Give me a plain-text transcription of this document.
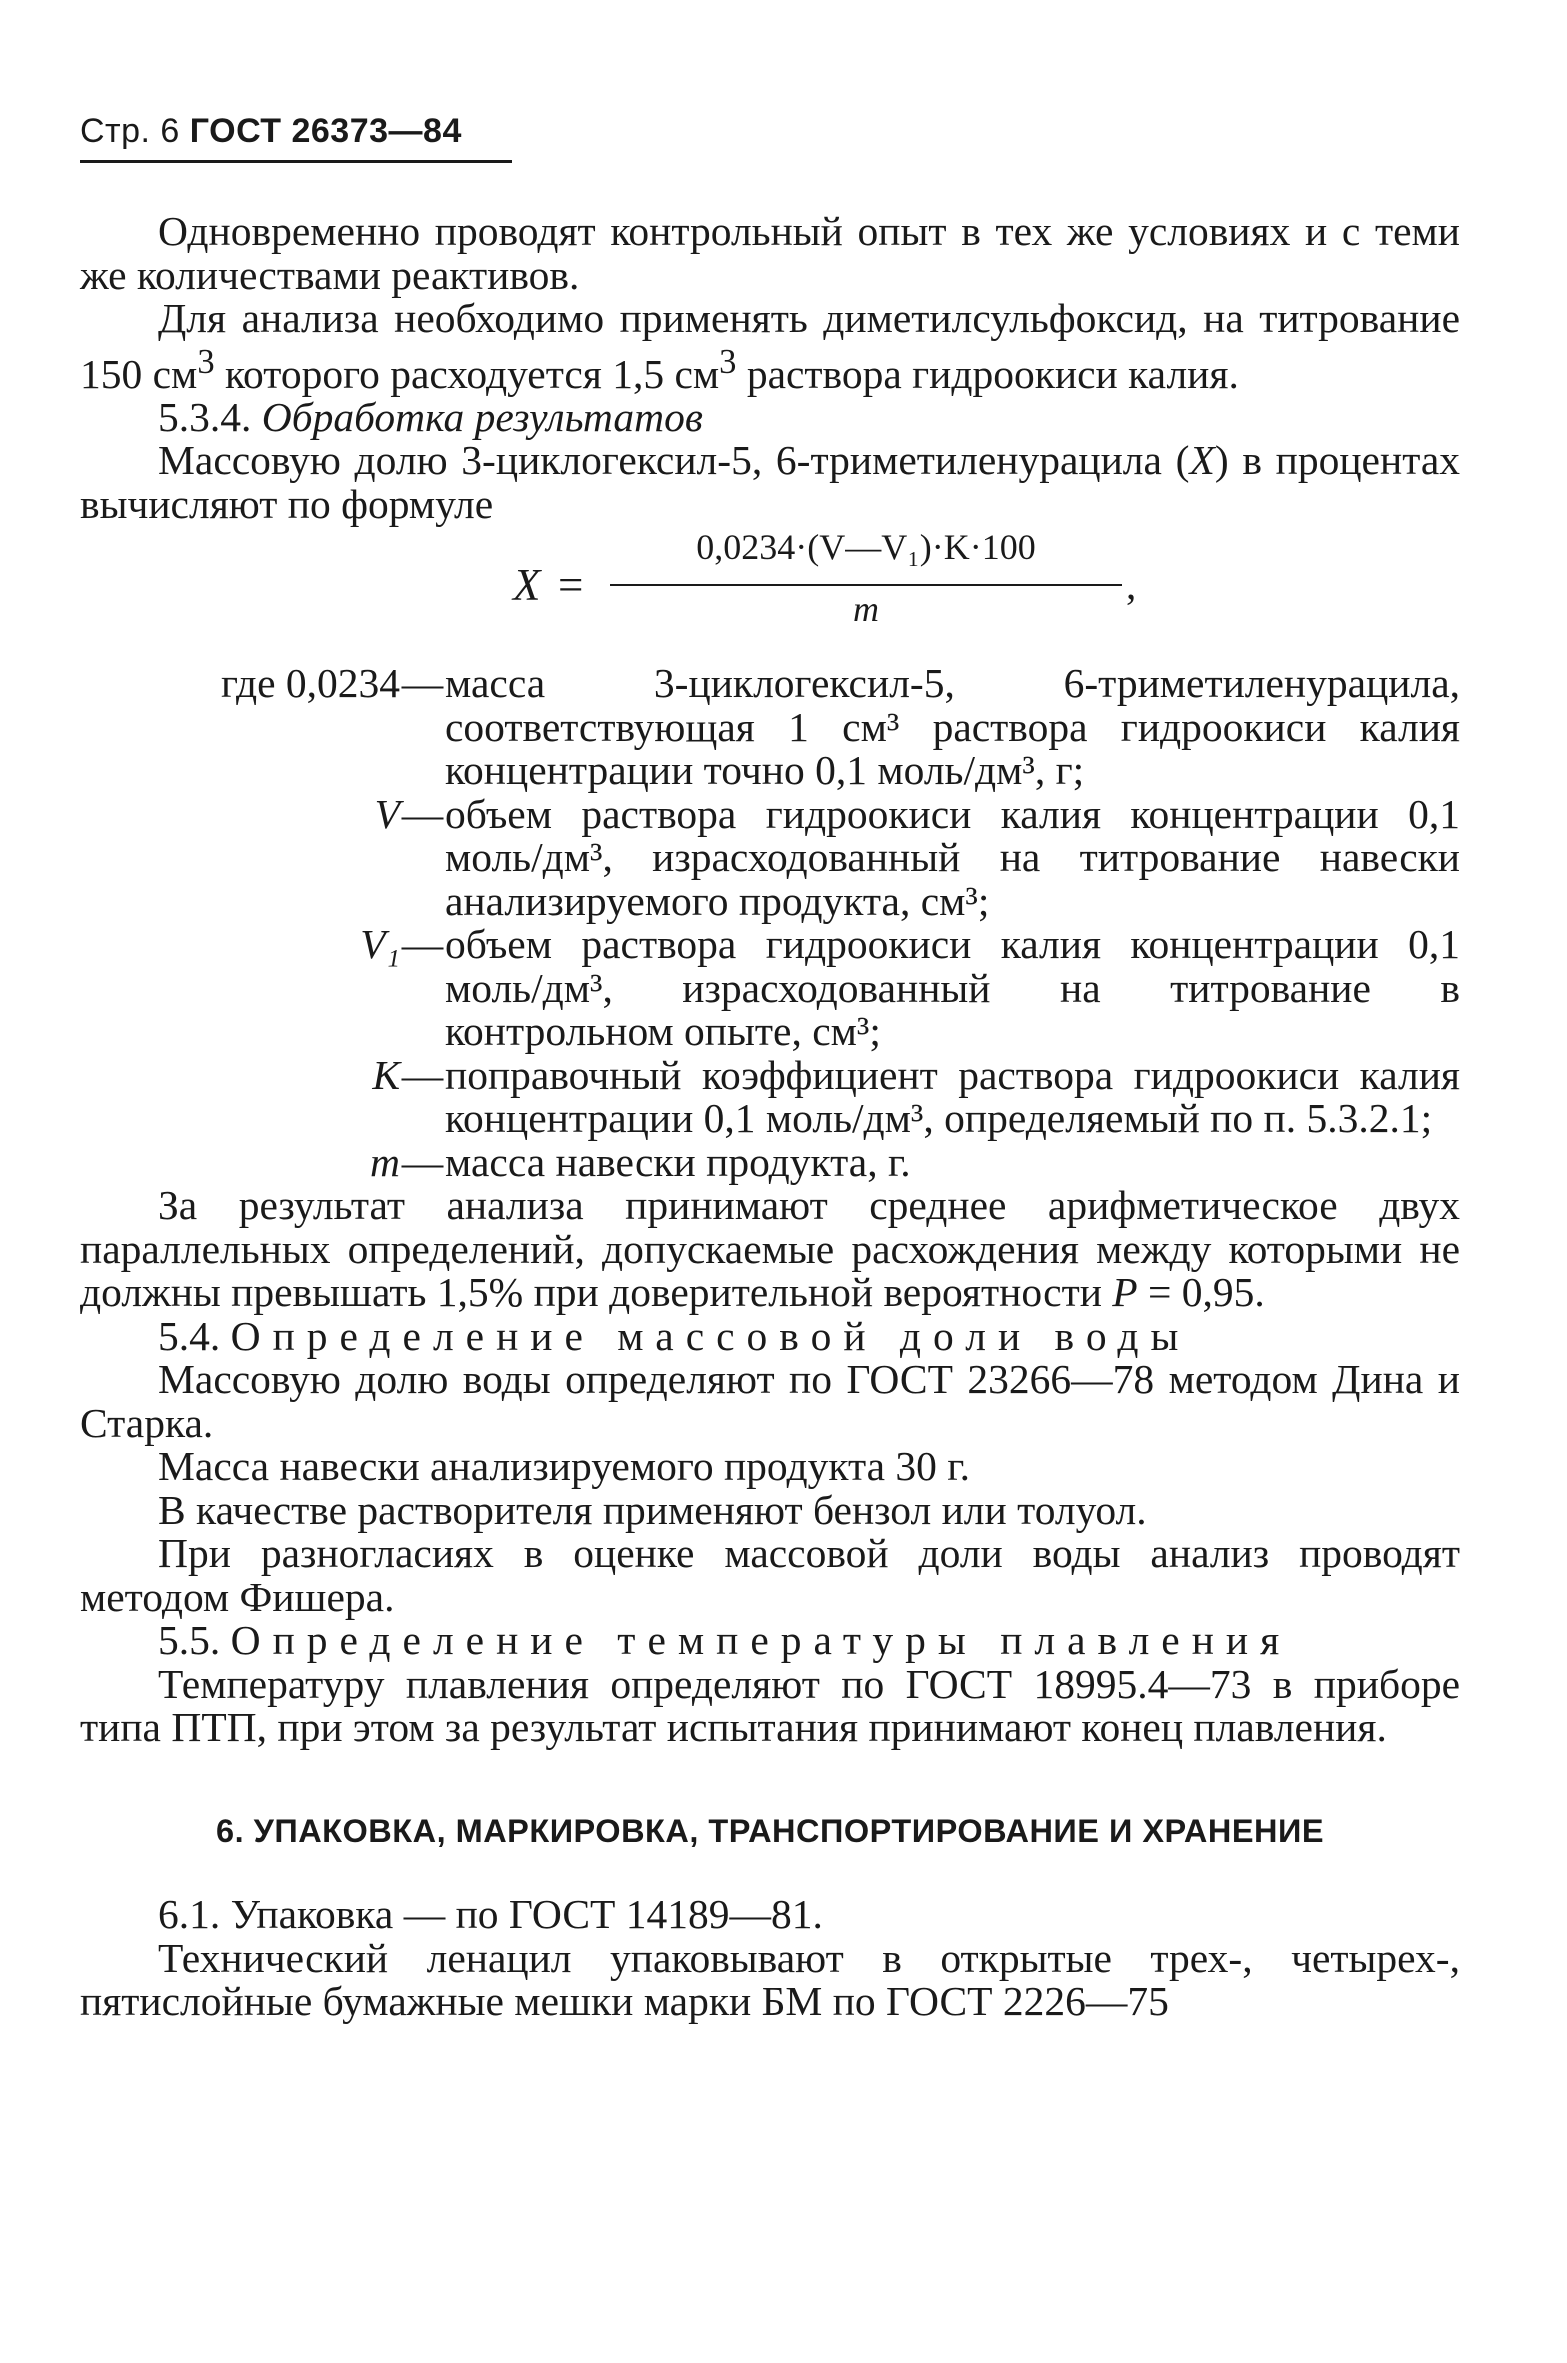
Стр. 6 ГОСТ 26373—84

Одновременно проводят контрольный опыт в тех же условиях и с теми же количествами реактивов.

Для анализа необходимо применять диметилсульфоксид, на титрование 150 $см^3$ которого расходуется 1,5 $см^3$ раствора гидроокиси калия.

5.3.4. Обработка результатов

Массовую долю 3-циклогексил-5, 6-триметиленурацила (X) в процентах вычисляют по формуле

X =
0,0234·(V—V₁)·K·100
m
,
где 0,0234 — масса 3-циклогексил-5, 6-триметиленурацила, соответствующая 1 см³ раствора гидроокиси калия концентрации точно 0,1 моль/дм³, г;
V — объем раствора гидроокиси калия концентрации 0,1 моль/дм³, израсходованный на титрование навески анализируемого продукта, см³;
V₁ — объем раствора гидроокиси калия концентрации 0,1 моль/дм³, израсходованный на титрование в контрольном опыте, см³;
K — поправочный коэффициент раствора гидроокиси калия концентрации 0,1 моль/дм³, определяемый по п. 5.3.2.1;
m — масса навески продукта, г.

За результат анализа принимают среднее арифметическое двух параллельных определений, допускаемые расхождения между которыми не должны превышать 1,5% при доверительной вероятности P = 0,95.

5.4. Определение массовой доли воды

Массовую долю воды определяют по ГОСТ 23266—78 методом Дина и Старка.

Масса навески анализируемого продукта 30 г.

В качестве растворителя применяют бензол или толуол.

При разногласиях в оценке массовой доли воды анализ проводят методом Фишера.

5.5. Определение температуры плавления

Температуру плавления определяют по ГОСТ 18995.4—73 в приборе типа ПТП, при этом за результат испытания принимают конец плавления.

6. УПАКОВКА, МАРКИРОВКА, ТРАНСПОРТИРОВАНИЕ И ХРАНЕНИЕ

6.1. Упаковка — по ГОСТ 14189—81.

Технический ленацил упаковывают в открытые трех-, четырех-, пятислойные бумажные мешки марки БМ по ГОСТ 2226—75
